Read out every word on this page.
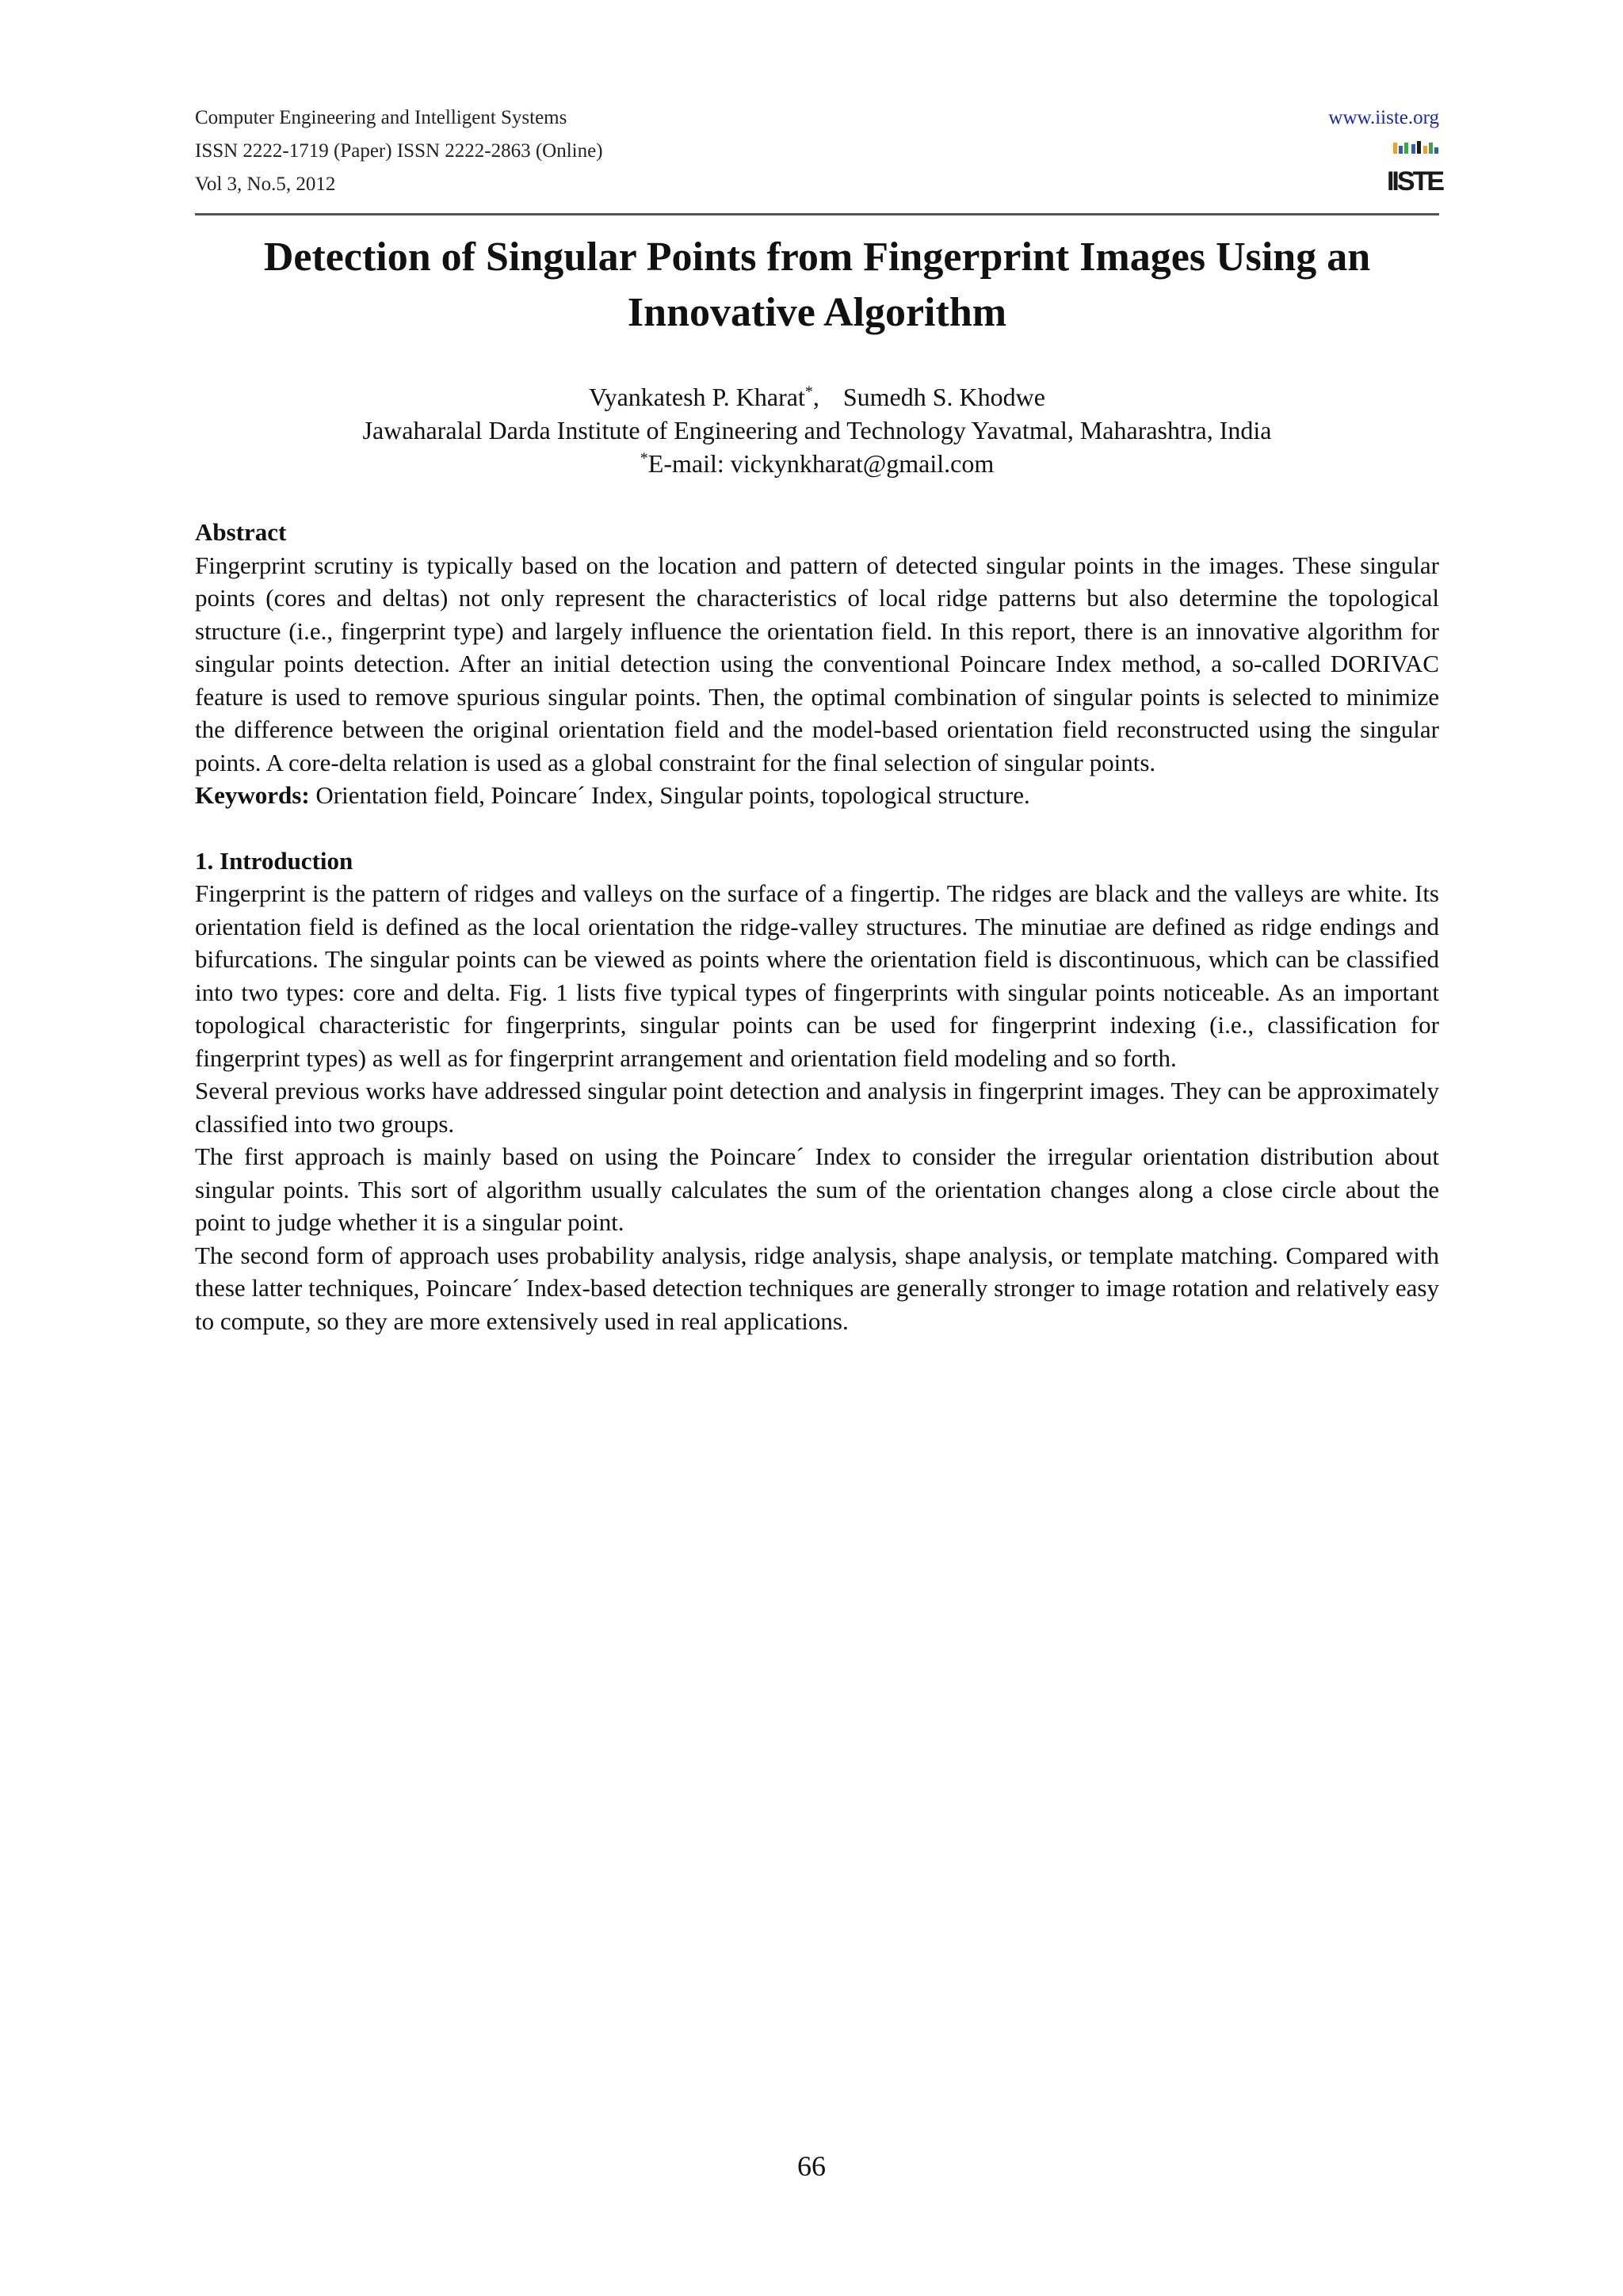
Computer Engineering and Intelligent Systems
ISSN 2222-1719 (Paper) ISSN 2222-2863 (Online)
Vol 3, No.5, 2012
www.iiste.org
IISTE
Detection of Singular Points from Fingerprint Images Using an
Innovative Algorithm
Vyankatesh P. Kharat*, Sumedh S. Khodwe
Jawaharalal Darda Institute of Engineering and Technology Yavatmal, Maharashtra, India
*E-mail: vickynkharat@gmail.com
Abstract

Fingerprint scrutiny is typically based on the location and pattern of detected singular points in the images. These singular points (cores and deltas) not only represent the characteristics of local ridge patterns but also determine the topological structure (i.e., fingerprint type) and largely influence the orientation field. In this report, there is an innovative algorithm for singular points detection. After an initial detection using the conventional Poincare Index method, a so-called DORIVAC feature is used to remove spurious singular points. Then, the optimal combination of singular points is selected to minimize the difference between the original orientation field and the model-based orientation field reconstructed using the singular points. A core-delta relation is used as a global constraint for the final selection of singular points.

Keywords: Orientation field, Poincare´ Index, Singular points, topological structure.

1. Introduction

Fingerprint is the pattern of ridges and valleys on the surface of a fingertip. The ridges are black and the valleys are white. Its orientation field is defined as the local orientation the ridge-valley structures. The minutiae are defined as ridge endings and bifurcations. The singular points can be viewed as points where the orientation field is discontinuous, which can be classified into two types: core and delta. Fig. 1 lists five typical types of fingerprints with singular points noticeable. As an important topological characteristic for fingerprints, singular points can be used for fingerprint indexing (i.e., classification for fingerprint types) as well as for fingerprint arrangement and orientation field modeling and so forth.

Several previous works have addressed singular point detection and analysis in fingerprint images. They can be approximately classified into two groups.

The first approach is mainly based on using the Poincare´ Index to consider the irregular orientation distribution about singular points. This sort of algorithm usually calculates the sum of the orientation changes along a close circle about the point to judge whether it is a singular point.

The second form of approach uses probability analysis, ridge analysis, shape analysis, or template matching. Compared with these latter techniques, Poincare´ Index-based detection techniques are generally stronger to image rotation and relatively easy to compute, so they are more extensively used in real applications.

66
